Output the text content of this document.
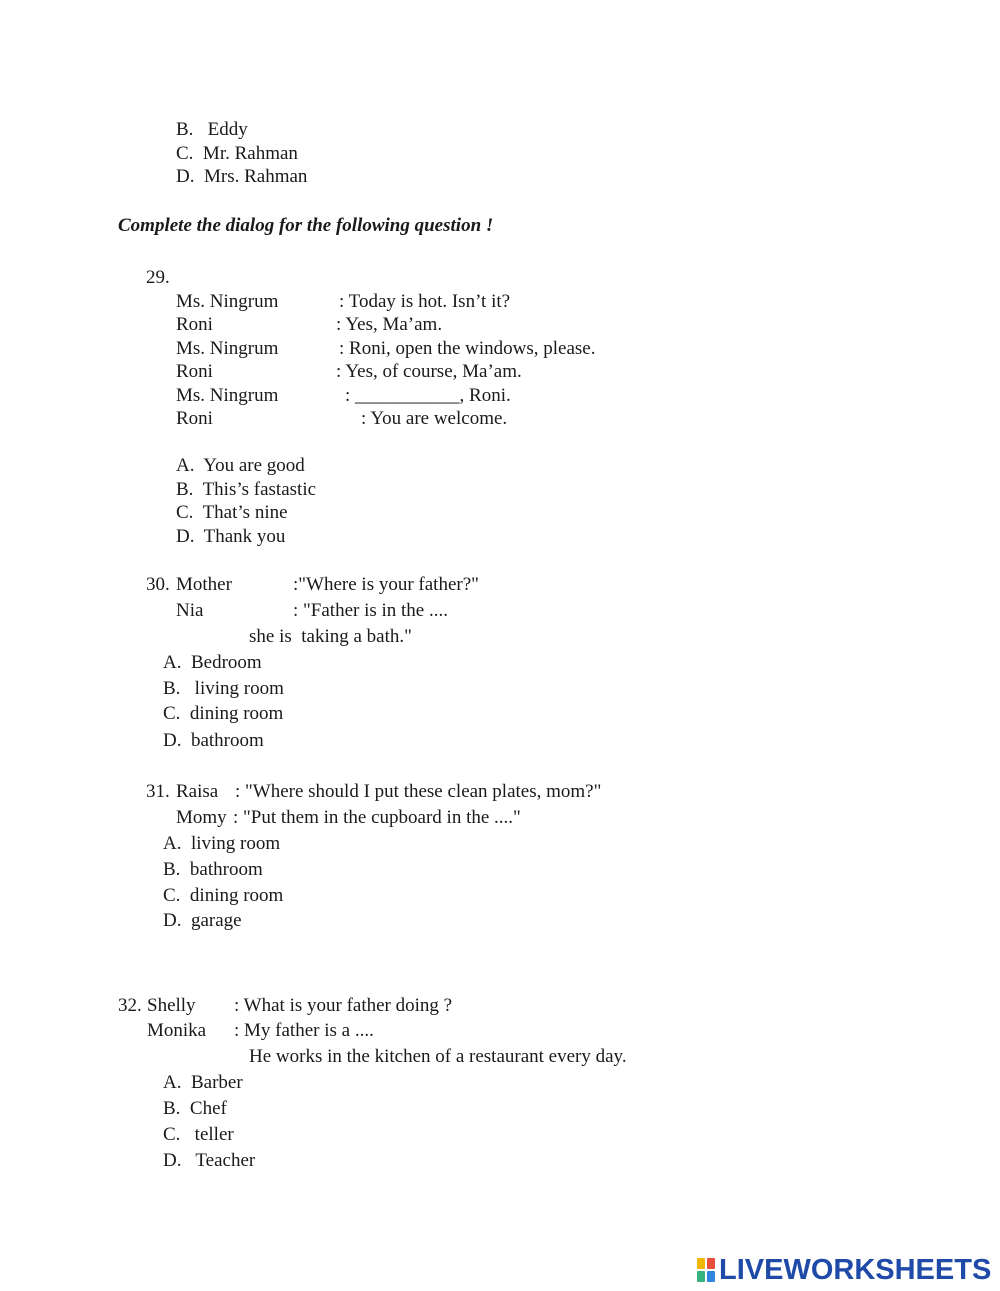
B.   Eddy
C.  Mr. Rahman
D.  Mrs. Rahman
Complete the dialog for the following question !
29.
Ms. Ningrum	: Today is hot. Isn’t it?
Roni	: Yes, Ma’am.
Ms. Ningrum	: Roni, open the windows, please.
Roni	: Yes, of course, Ma’am.
Ms. Ningrum	: ___________, Roni.
Roni	: You are welcome.
A.  You are good
B.  This’s fastastic
C.  That’s nine
D.  Thank you
30. Mother	:"Where is your father?"
Nia	: "Father is in the ....
she is  taking a bath."
A.  Bedroom
B.   living room
C.  dining room
D.  bathroom
31. Raisa : "Where should I put these clean plates, mom?"
Momy : "Put them in the cupboard in the ...."
A.  living room
B.  bathroom
C.  dining room
D.  garage
32. Shelly : What is your father doing ?
Monika : My father is a ....
He works in the kitchen of a restaurant every day.
A.  Barber
B.  Chef
C.   teller
D.   Teacher
LIVEWORKSHEETS
